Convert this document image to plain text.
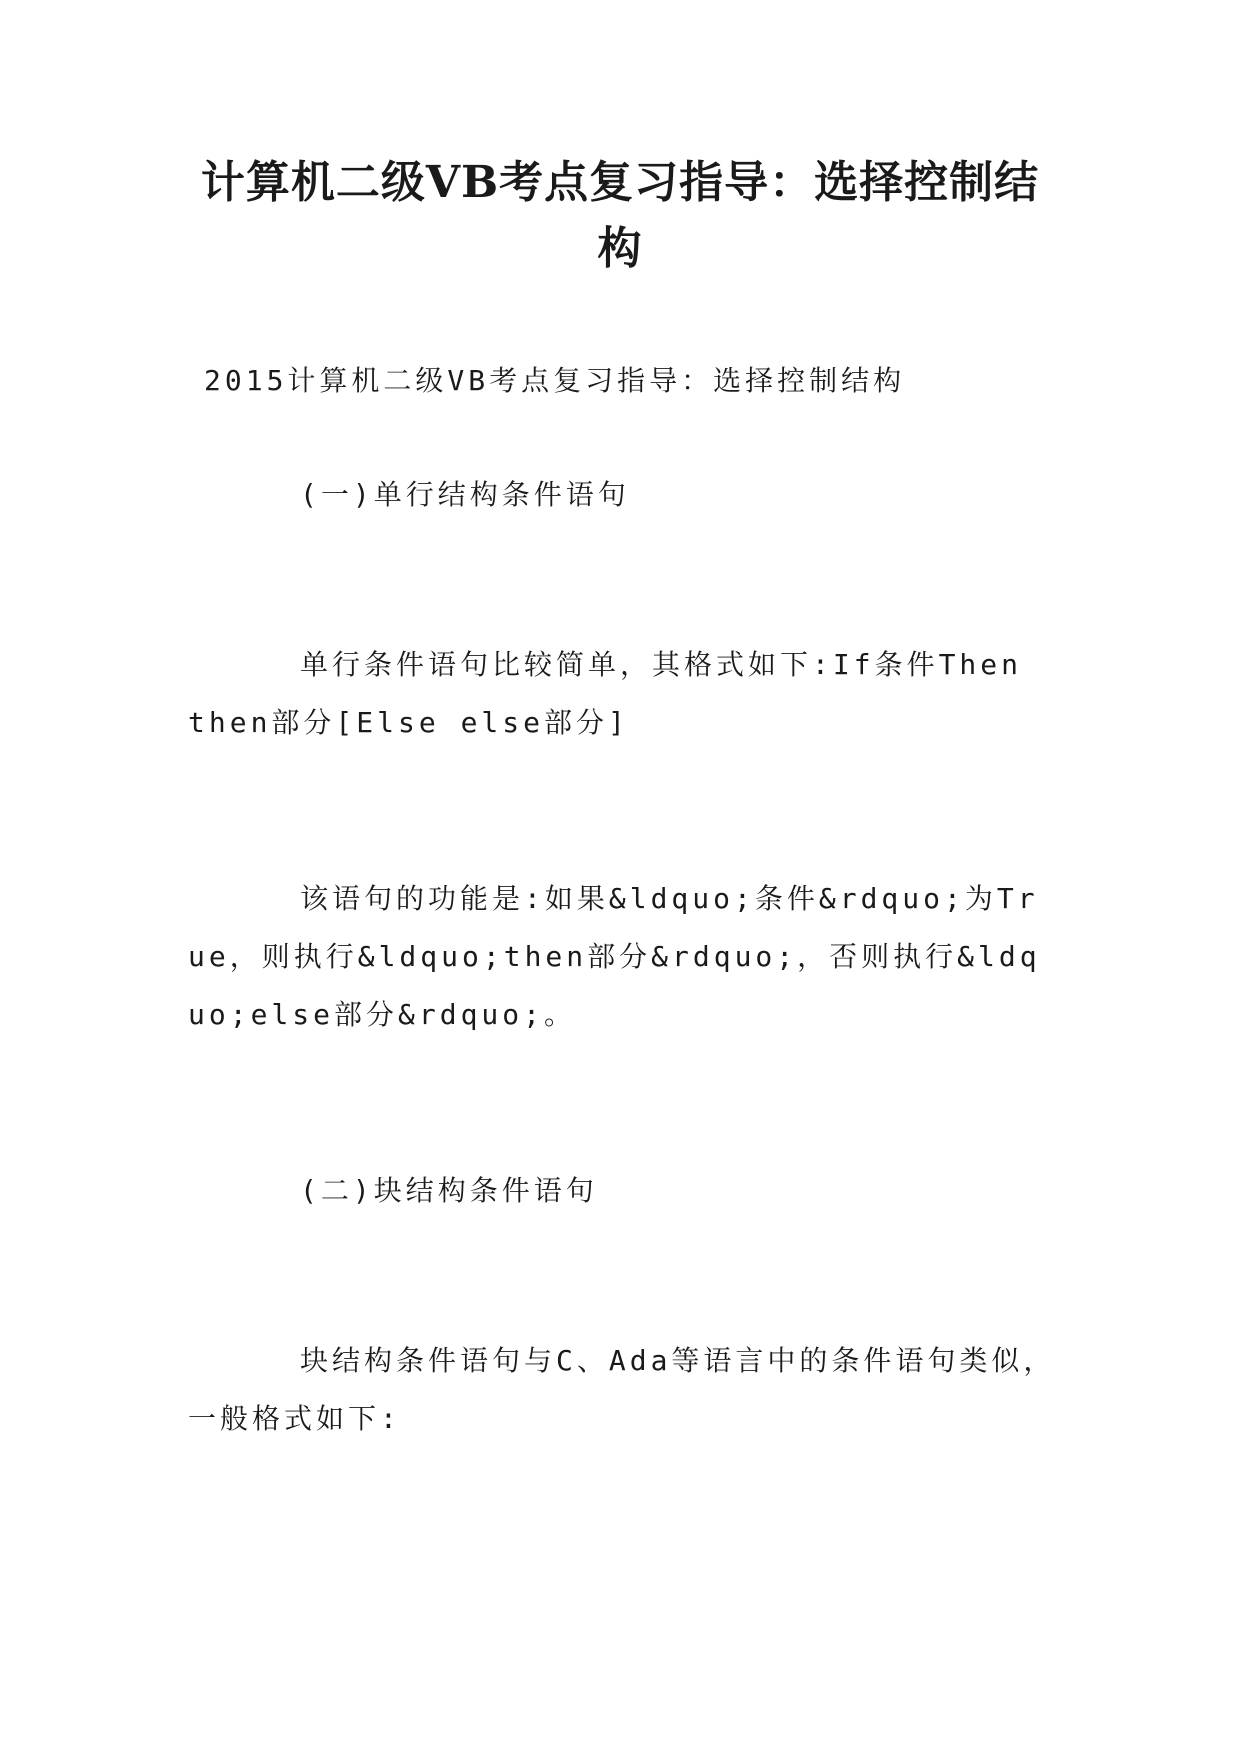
计算机二级VB考点复习指导：选择控制结构

2015计算机二级VB考点复习指导：选择控制结构

(一)单行结构条件语句

单行条件语句比较简单，其格式如下:If条件Then then部分[Else else部分]

该语句的功能是:如果&ldquo;条件&rdquo;为True，则执行&ldquo;then部分&rdquo;，否则执行&ldquo;else部分&rdquo;。

(二)块结构条件语句

块结构条件语句与C、Ada等语言中的条件语句类似，一般格式如下:
